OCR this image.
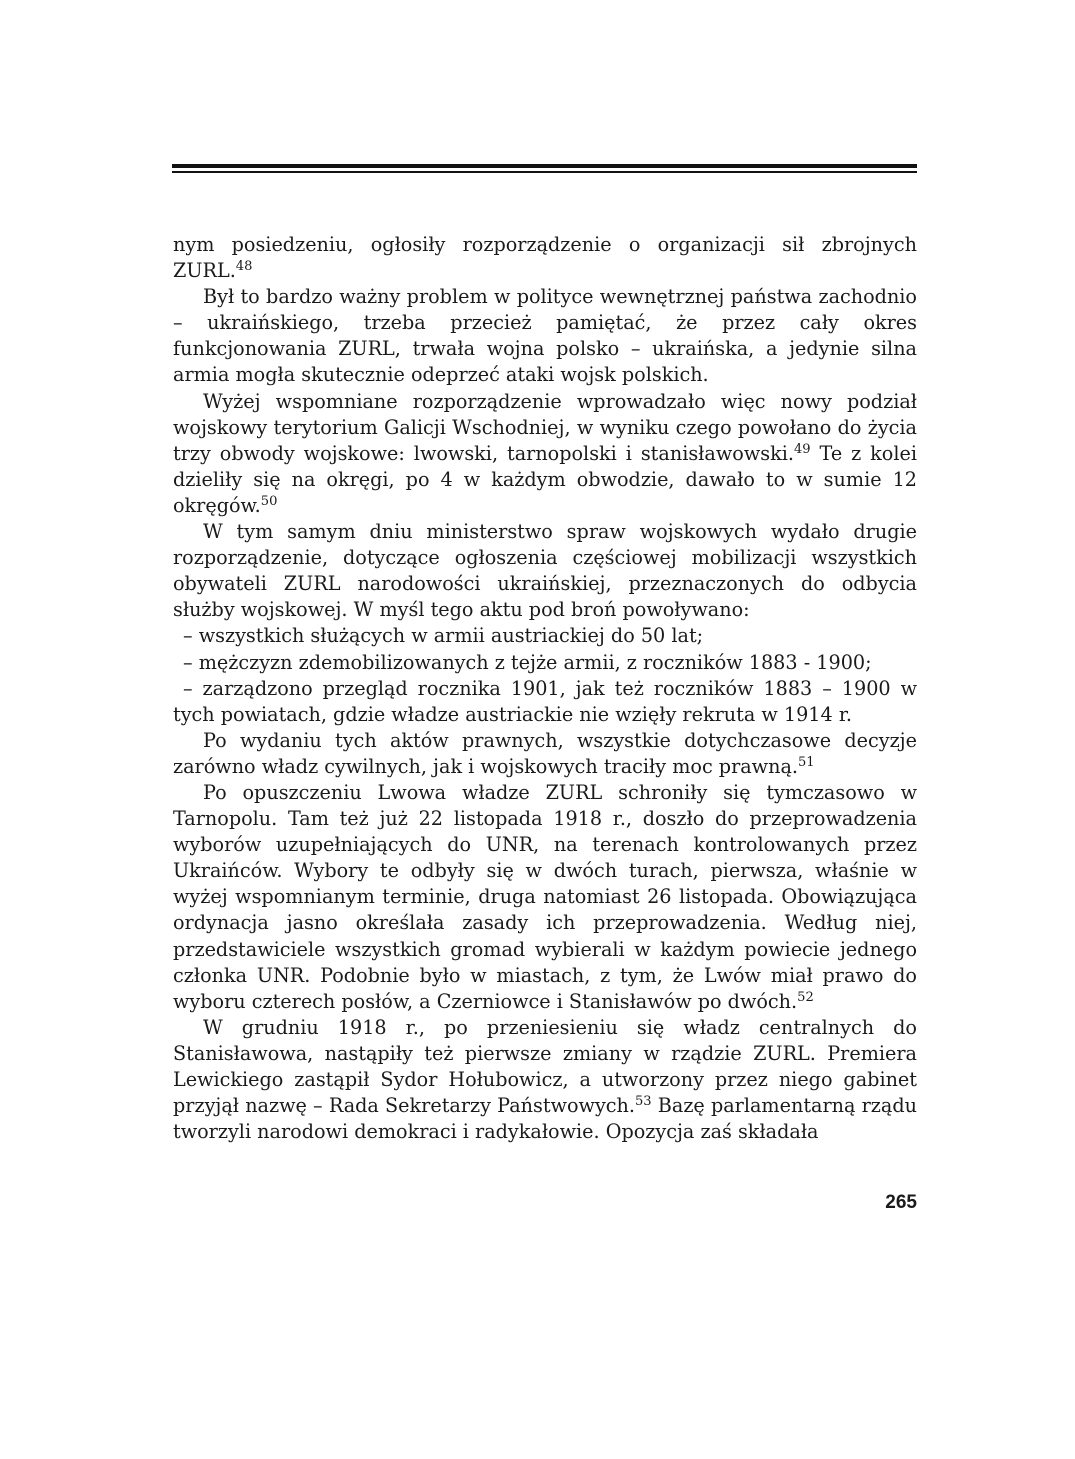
nym posiedzeniu, ogłosiły rozporządzenie o organizacji sił zbrojnych ZURL.$^{48}$

Był to bardzo ważny problem w polityce wewnętrznej państwa zachodnio – ukraińskiego, trzeba przecież pamiętać, że przez cały okres funkcjonowania ZURL, trwała wojna polsko – ukraińska, a jedynie silna armia mogła skutecznie odeprzeć ataki wojsk polskich.

Wyżej wspomniane rozporządzenie wprowadzało więc nowy podział wojskowy terytorium Galicji Wschodniej, w wyniku czego powołano do życia trzy obwody wojskowe: lwowski, tarnopolski i stanisławowski.$^{49}$ Te z kolei dzieliły się na okręgi, po 4 w każdym obwodzie, dawało to w sumie 12 okręgów.$^{50}$

W tym samym dniu ministerstwo spraw wojskowych wydało drugie rozporządzenie, dotyczące ogłoszenia częściowej mobilizacji wszystkich obywateli ZURL narodowości ukraińskiej, przeznaczonych do odbycia służby wojskowej. W myśl tego aktu pod broń powoływano:

– wszystkich służących w armii austriackiej do 50 lat;

– mężczyzn zdemobilizowanych z tejże armii, z roczników 1883 - 1900;

– zarządzono przegląd rocznika 1901, jak też roczników 1883 – 1900 w tych powiatach, gdzie władze austriackie nie wzięły rekruta w 1914 r.

Po wydaniu tych aktów prawnych, wszystkie dotychczasowe decyzje zarówno władz cywilnych, jak i wojskowych traciły moc prawną.$^{51}$

Po opuszczeniu Lwowa władze ZURL schroniły się tymczasowo w Tarnopolu. Tam też już 22 listopada 1918 r., doszło do przeprowadzenia wyborów uzupełniających do UNR, na terenach kontrolowanych przez Ukraińców. Wybory te odbyły się w dwóch turach, pierwsza, właśnie w wyżej wspomnianym terminie, druga natomiast 26 listopada. Obowiązująca ordynacja jasno określała zasady ich przeprowadzenia. Według niej, przedstawiciele wszystkich gromad wybierali w każdym powiecie jednego członka UNR. Podobnie było w miastach, z tym, że Lwów miał prawo do wyboru czterech posłów, a Czerniowce i Stanisławów po dwóch.$^{52}$

W grudniu 1918 r., po przeniesieniu się władz centralnych do Stanisławowa, nastąpiły też pierwsze zmiany w rządzie ZURL. Premiera Lewickiego zastąpił Sydor Hołubowicz, a utworzony przez niego gabinet przyjął nazwę – Rada Sekretarzy Państwowych.$^{53}$ Bazę parlamentarną rządu tworzyli narodowi demokraci i radykałowie. Opozycja zaś składała

265
